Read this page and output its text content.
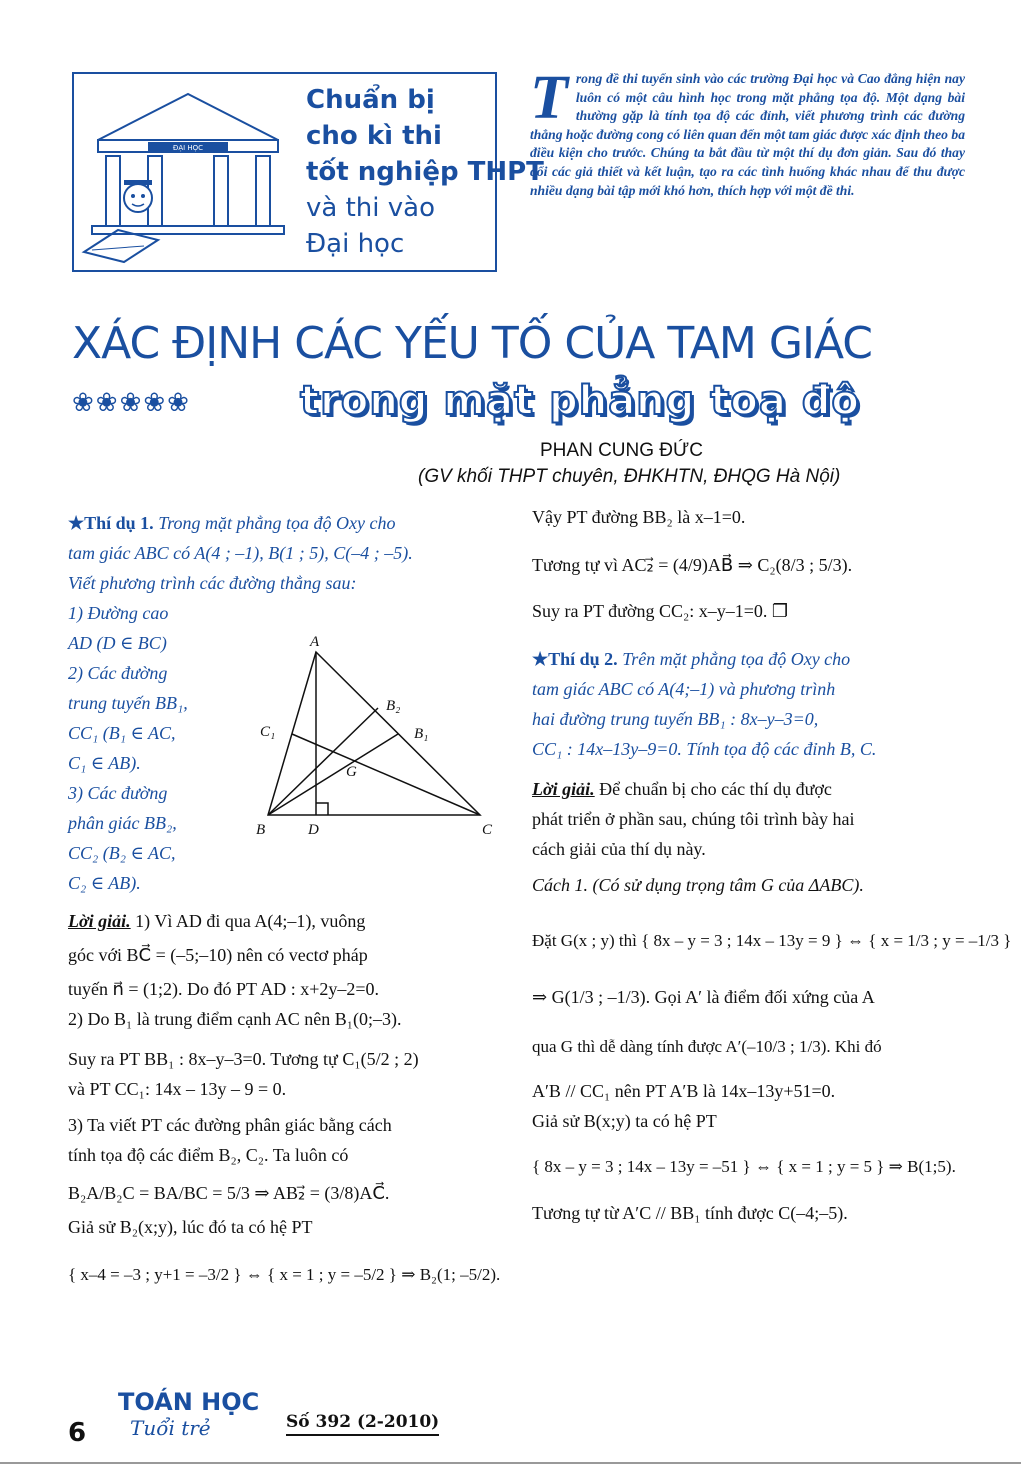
ĐẠI HỌC
Chuẩn bị
cho kì thi
tốt nghiệp THPT
và thi vào
Đại học
Trong đề thi tuyển sinh vào các trường Đại học và Cao đẳng hiện nay luôn có một câu hình học trong mặt phẳng tọa độ. Một dạng bài thường gặp là tính tọa độ các đỉnh, viết phương trình các đường thẳng hoặc đường cong có liên quan đến một tam giác được xác định theo ba điều kiện cho trước. Chúng ta bắt đầu từ một thí dụ đơn giản. Sau đó thay đổi các giả thiết và kết luận, tạo ra các tình huống khác nhau để thu được nhiều dạng bài tập mới khó hơn, thích hợp với một đề thi.
XÁC ĐỊNH CÁC YẾU TỐ CỦA TAM GIÁC
❀❀❀❀❀	trong mặt phẳng toạ độ
PHAN CUNG ĐỨC
(GV khối THPT chuyên, ĐHKHTN, ĐHQG Hà Nội)
★Thí dụ 1. Trong mặt phẳng tọa độ Oxy cho
tam giác ABC có A(4 ; –1), B(1 ; 5), C(–4 ; –5).
Viết phương trình các đường thẳng sau:
1) Đường cao
AD (D ∈ BC)
2) Các đường
trung tuyến BB₁,
CC₁ (B₁ ∈ AC,
C₁ ∈ AB).
3) Các đường
phân giác BB₂,
CC₂ (B₂ ∈ AC,
C₂ ∈ AB).
Lời giải. 1) Vì AD đi qua A(4;–1), vuông
góc với BC⃗ = (–5;–10) nên có vectơ pháp
tuyến n⃗ = (1;2). Do đó PT AD : x+2y–2=0.
2) Do B₁ là trung điểm cạnh AC nên B₁(0;–3).
Suy ra PT BB₁ : 8x–y–3=0. Tương tự C₁(5/2 ; 2)
và PT CC₁: 14x – 13y – 9 = 0.
3) Ta viết PT các đường phân giác bằng cách
tính tọa độ các điểm B₂, C₂. Ta luôn có
B₂A/B₂C = BA/BC = 5/3 ⇒ AB₂⃗ = (3/8)AC⃗.
Giả sử B₂(x;y), lúc đó ta có hệ PT
{ x–4 = –3 ; y+1 = –3/2 } ⇔ { x = 1 ; y = –5/2 } ⇒ B₂(1; –5/2).
A
B	C
D
G
B₁
B₂
C₁
Vậy PT đường BB₂ là x–1=0.
Tương tự vì AC₂⃗ = (4/9)AB⃗ ⇒ C₂(8/3 ; 5/3).
Suy ra PT đường CC₂: x–y–1=0. ❐
★Thí dụ 2. Trên mặt phẳng tọa độ Oxy cho
tam giác ABC có A(4;–1) và phương trình
hai đường trung tuyến BB₁ : 8x–y–3=0,
CC₁ : 14x–13y–9=0. Tính tọa độ các đỉnh B, C.
Lời giải. Để chuẩn bị cho các thí dụ được
phát triển ở phần sau, chúng tôi trình bày hai
cách giải của thí dụ này.
Cách 1. (Có sử dụng trọng tâm G của ΔABC).
Đặt G(x ; y) thì { 8x – y = 3 ; 14x – 13y = 9 } ⇔ { x = 1/3 ; y = –1/3 }
⇒ G(1/3 ; –1/3). Gọi A′ là điểm đối xứng của A
qua G thì dễ dàng tính được A′(–10/3 ; 1/3). Khi đó
A′B // CC₁ nên PT A′B là 14x–13y+51=0.
Giả sử B(x;y) ta có hệ PT
{ 8x – y = 3 ; 14x – 13y = –51 } ⇔ { x = 1 ; y = 5 } ⇒ B(1;5).
Tương tự từ A′C // BB₁ tính được C(–4;–5).
6
TOÁN HỌC
Tuổi trẻ	Số 392 (2-2010)
